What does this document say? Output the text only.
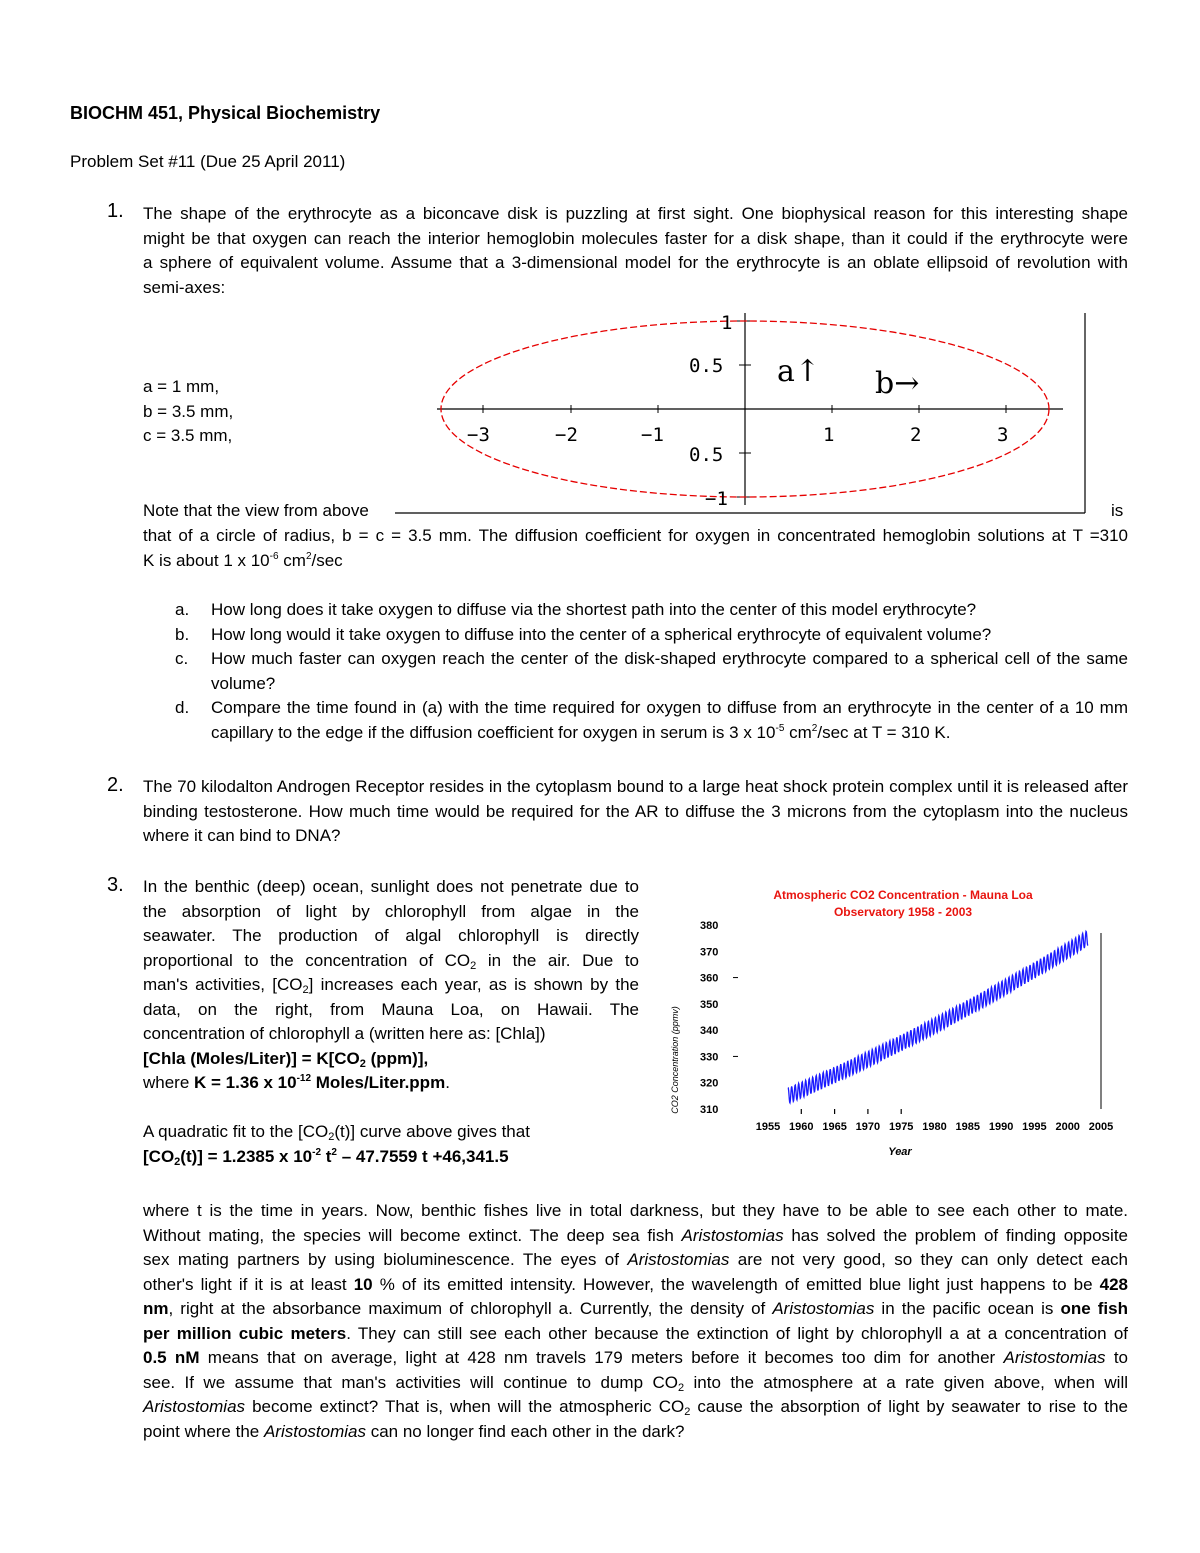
BIOCHM 451, Physical Biochemistry
Problem Set #11 (Due 25 April 2011)
1. The shape of the erythrocyte as a biconcave disk is puzzling at first sight. One biophysical reason for this interesting shape
might be that oxygen can reach the interior hemoglobin molecules faster for a disk shape, than it could if the erythrocyte were
a sphere of equivalent volume. Assume that a 3-dimensional model for the erythrocyte is an oblate ellipsoid of revolution with
semi-axes:
a = 1 mm,
b = 3.5 mm,
c = 3.5 mm,	−3	−2	−1	1	2	3
1
0.5
0.5
−1
a↑ b→
Note that the view from above	is
that of a circle of radius, b = c = 3.5 mm. The diffusion coefficient for oxygen in concentrated hemoglobin solutions at T =310
K is about 1 x $10^{-6}$ $cm^2/\sec$
a. How long does it take oxygen to diffuse via the shortest path into the center of this model erythrocyte?
b. How long would it take oxygen to diffuse into the center of a spherical erythrocyte of equivalent volume?
c. How much faster can oxygen reach the center of the disk-shaped erythrocyte compared to a spherical cell of the same volume?
d. Compare the time found in (a) with the time required for oxygen to diffuse from an erythrocyte in the center of a 10 mm capillary to the edge if the diffusion coefficient for oxygen in serum is 3 x $10^{-5}$ $cm^2/\sec$ at T = 310 K.
2. The 70 kilodalton Androgen Receptor resides in the cytoplasm bound to a large heat shock protein complex until it is released after binding testosterone. How much time would be required for the AR to diffuse the 3 microns from the cytoplasm into the nucleus where it can bind to DNA?
3. In the benthic (deep) ocean, sunlight does not penetrate due to
the absorption of light by chlorophyll from algae in the
seawater. The production of algal chlorophyll is directly
proportional to the concentration of $CO_2$ in the air. Due to
man's activities, $[CO_2]$ increases each year, as is shown by the
data, on the right, from Mauna Loa, on Hawaii. The
concentration of chlorophyll a (written here as: [Chla])
[Chla (Moles/Liter)] = $K[CO_2$ (ppm)],
where K = 1.36 x $10^{-12}$ Moles/Liter.ppm.
A quadratic fit to the $[CO_2(t)]$ curve above gives that
$[CO_2(t)] = 1.2385$ x $10^{-2}$ $t^2 - 47.7559$ t +46,341.5
Atmospheric CO2 Concentration - Mauna Loa
Observatory 1958 - 2003
CO2 Concentration (ppmv)
Year
1955 1960 1965 1970 1975 1980 1985 1990 1995 2000 2005
310
320
330
340
350
360
370
380
where t is the time in years. Now, benthic fishes live in total darkness, but they have to be able to see each other to mate.
Without mating, the species will become extinct. The deep sea fish Aristostomias has solved the problem of finding opposite
sex mating partners by using bioluminescence. The eyes of Aristostomias are not very good, so they can only detect each
other's light if it is at least 10 % of its emitted intensity. However, the wavelength of emitted blue light just happens to be 428
nm, right at the absorbance maximum of chlorophyll a. Currently, the density of Aristostomias in the pacific ocean is one fish
per million cubic meters. They can still see each other because the extinction of light by chlorophyll a at a concentration of
0.5 nM means that on average, light at 428 nm travels 179 meters before it becomes too dim for another Aristostomias to
see. If we assume that man's activities will continue to dump $CO_2$ into the atmosphere at a rate given above, when will
Aristostomias become extinct? That is, when will the atmospheric $CO_2$ cause the absorption of light by seawater to rise to the
point where the Aristostomias can no longer find each other in the dark?
